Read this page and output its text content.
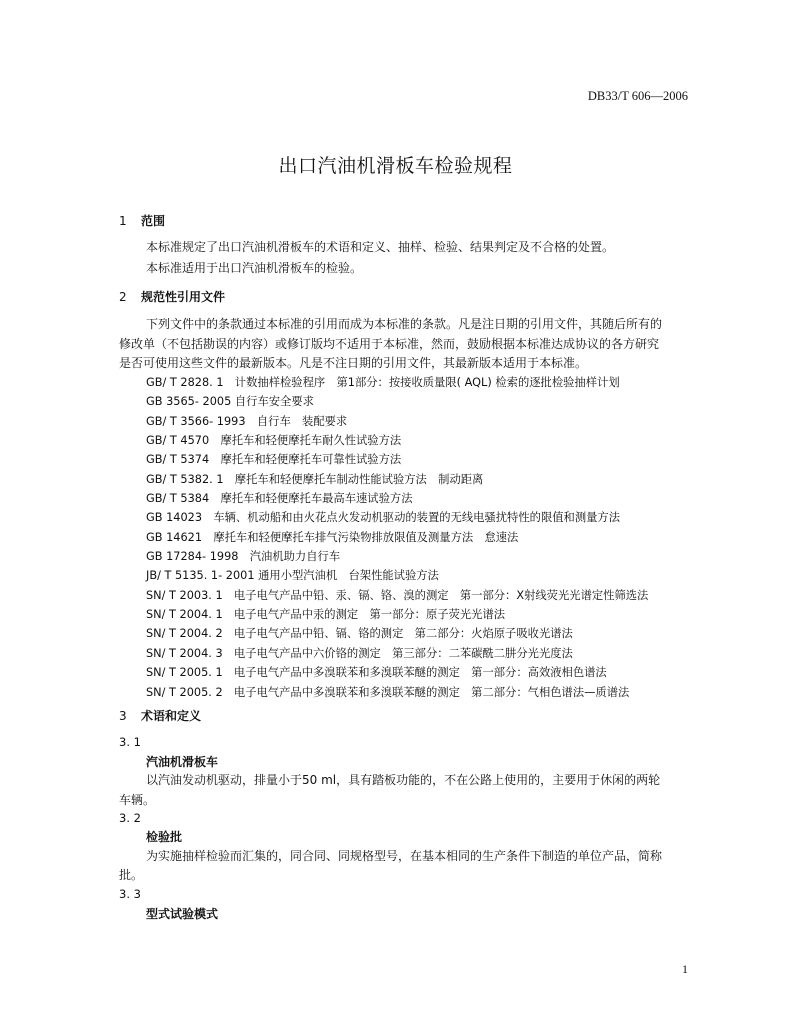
DB33/T 606—2006
出口汽油机滑板车检验规程
1 范围
本标准规定了出口汽油机滑板车的术语和定义、抽样、检验、结果判定及不合格的处置。
本标准适用于出口汽油机滑板车的检验。
2 规范性引用文件
下列文件中的条款通过本标准的引用而成为本标准的条款。凡是注日期的引用文件，其随后所有的
修改单（不包括勘误的内容）或修订版均不适用于本标准，然而，鼓励根据本标准达成协议的各方研究
是否可使用这些文件的最新版本。凡是不注日期的引用文件，其最新版本适用于本标准。
GB/ T 2828. 1　计数抽样检验程序　第1部分：按接收质量限( AQL) 检索的逐批检验抽样计划
GB 3565- 2005 自行车安全要求
GB/ T 3566- 1993　自行车　装配要求
GB/ T 4570　摩托车和轻便摩托车耐久性试验方法
GB/ T 5374　摩托车和轻便摩托车可靠性试验方法
GB/ T 5382. 1　摩托车和轻便摩托车制动性能试验方法　制动距离
GB/ T 5384　摩托车和轻便摩托车最高车速试验方法
GB 14023　车辆、机动船和由火花点火发动机驱动的装置的无线电骚扰特性的限值和测量方法
GB 14621　摩托车和轻便摩托车排气污染物排放限值及测量方法　怠速法
GB 17284- 1998　汽油机助力自行车
JB/ T 5135. 1- 2001 通用小型汽油机　台架性能试验方法
SN/ T 2003. 1　电子电气产品中铅、汞、镉、铬、溴的测定　第一部分：X射线荧光光谱定性筛选法
SN/ T 2004. 1　电子电气产品中汞的测定　第一部分：原子荧光光谱法
SN/ T 2004. 2　电子电气产品中铅、镉、铬的测定　第二部分：火焰原子吸收光谱法
SN/ T 2004. 3　电子电气产品中六价铬的测定　第三部分：二苯碳酰二肼分光光度法
SN/ T 2005. 1　电子电气产品中多溴联苯和多溴联苯醚的测定　第一部分：高效液相色谱法
SN/ T 2005. 2　电子电气产品中多溴联苯和多溴联苯醚的测定　第二部分：气相色谱法—质谱法
3 术语和定义
3. 1
汽油机滑板车
以汽油发动机驱动，排量小于50 ml，具有踏板功能的，不在公路上使用的，主要用于休闲的两轮
车辆。
3. 2
检验批
为实施抽样检验而汇集的，同合同、同规格型号，在基本相同的生产条件下制造的单位产品，简称
批。
3. 3
型式试验模式
1
